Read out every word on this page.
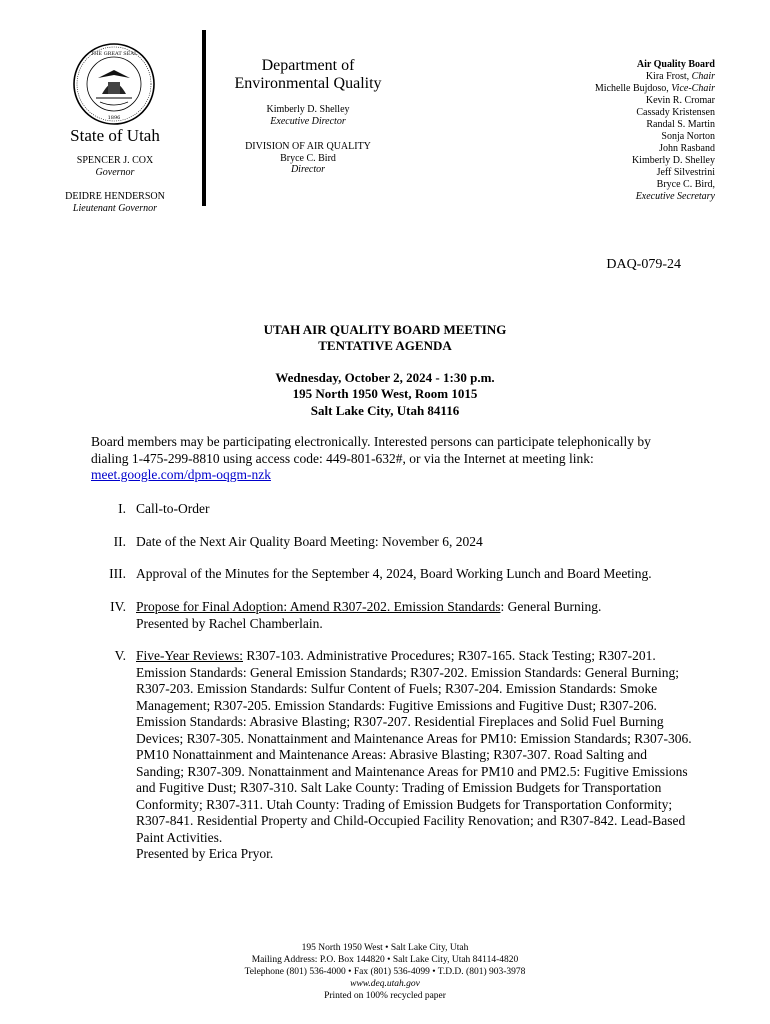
THE GREAT SEAL
1896
State of Utah
SPENCER J. COX
Governor
DEIDRE HENDERSON
Lieutenant Governor
Department of
Environmental Quality
Kimberly D. Shelley
Executive Director
DIVISION OF AIR QUALITY
Bryce C. Bird
Director
Air Quality Board
Kira Frost, Chair
Michelle Bujdoso, Vice-Chair
Kevin R. Cromar
Cassady Kristensen
Randal S. Martin
Sonja Norton
John Rasband
Kimberly D. Shelley
Jeff Silvestrini
Bryce C. Bird,
Executive Secretary
DAQ-079-24
UTAH AIR QUALITY BOARD MEETING
TENTATIVE AGENDA
Wednesday, October 2, 2024 - 1:30 p.m.
195 North 1950 West, Room 1015
Salt Lake City, Utah 84116
Board members may be participating electronically. Interested persons can participate telephonically by dialing 1-475-299-8810 using access code: 449-801-632#, or via the Internet at meeting link:
meet.google.com/dpm-oqgm-nzk
I. Call-to-Order
II. Date of the Next Air Quality Board Meeting: November 6, 2024
III. Approval of the Minutes for the September 4, 2024, Board Working Lunch and Board Meeting.
IV. Propose for Final Adoption: Amend R307-202. Emission Standards: General Burning.
Presented by Rachel Chamberlain.
V. Five-Year Reviews: R307-103. Administrative Procedures; R307-165. Stack Testing; R307-201. Emission Standards: General Emission Standards; R307-202. Emission Standards: General Burning; R307-203. Emission Standards: Sulfur Content of Fuels; R307-204. Emission Standards: Smoke Management; R307-205. Emission Standards: Fugitive Emissions and Fugitive Dust; R307-206. Emission Standards: Abrasive Blasting; R307-207. Residential Fireplaces and Solid Fuel Burning Devices; R307-305. Nonattainment and Maintenance Areas for PM10: Emission Standards; R307-306. PM10 Nonattainment and Maintenance Areas: Abrasive Blasting; R307-307. Road Salting and Sanding; R307-309. Nonattainment and Maintenance Areas for PM10 and PM2.5: Fugitive Emissions and Fugitive Dust; R307-310. Salt Lake County: Trading of Emission Budgets for Transportation Conformity; R307-311. Utah County: Trading of Emission Budgets for Transportation Conformity; R307-841. Residential Property and Child-Occupied Facility Renovation; and R307-842. Lead-Based Paint Activities.
Presented by Erica Pryor.
195 North 1950 West • Salt Lake City, Utah
Mailing Address: P.O. Box 144820 • Salt Lake City, Utah 84114-4820
Telephone (801) 536-4000 • Fax (801) 536-4099 • T.D.D. (801) 903-3978
www.deq.utah.gov
Printed on 100% recycled paper
